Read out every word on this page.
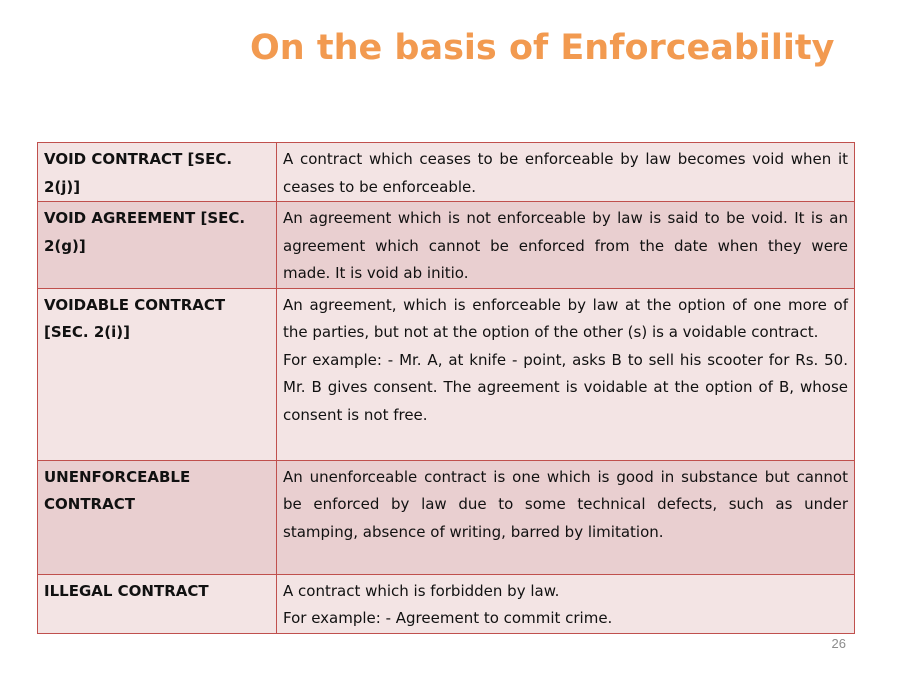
On the basis of Enforceability
VOID CONTRACT [SEC. 2(j)]	A contract which ceases to be enforceable by law becomes void when it ceases to be enforceable.

VOID AGREEMENT [SEC. 2(g)]	An agreement which is not enforceable by law is said to be void. It is an agreement which cannot be enforced from the date when they were made. It is void ab initio.

VOIDABLE CONTRACT [SEC. 2(i)]	An agreement, which is enforceable by law at the option of one more of the parties, but not at the option of the other (s) is a voidable contract.

For example: - Mr. A, at knife - point, asks B to sell his scooter for Rs. 50. Mr. B gives consent. The agreement is voidable at the option of B, whose consent is not free.

UNENFORCEABLE CONTRACT	An unenforceable contract is one which is good in substance but cannot be enforced by law due to some technical defects, such as under stamping, absence of writing, barred by limitation.

ILLEGAL CONTRACT	A contract which is forbidden by law.

For example: - Agreement to commit crime.

26
